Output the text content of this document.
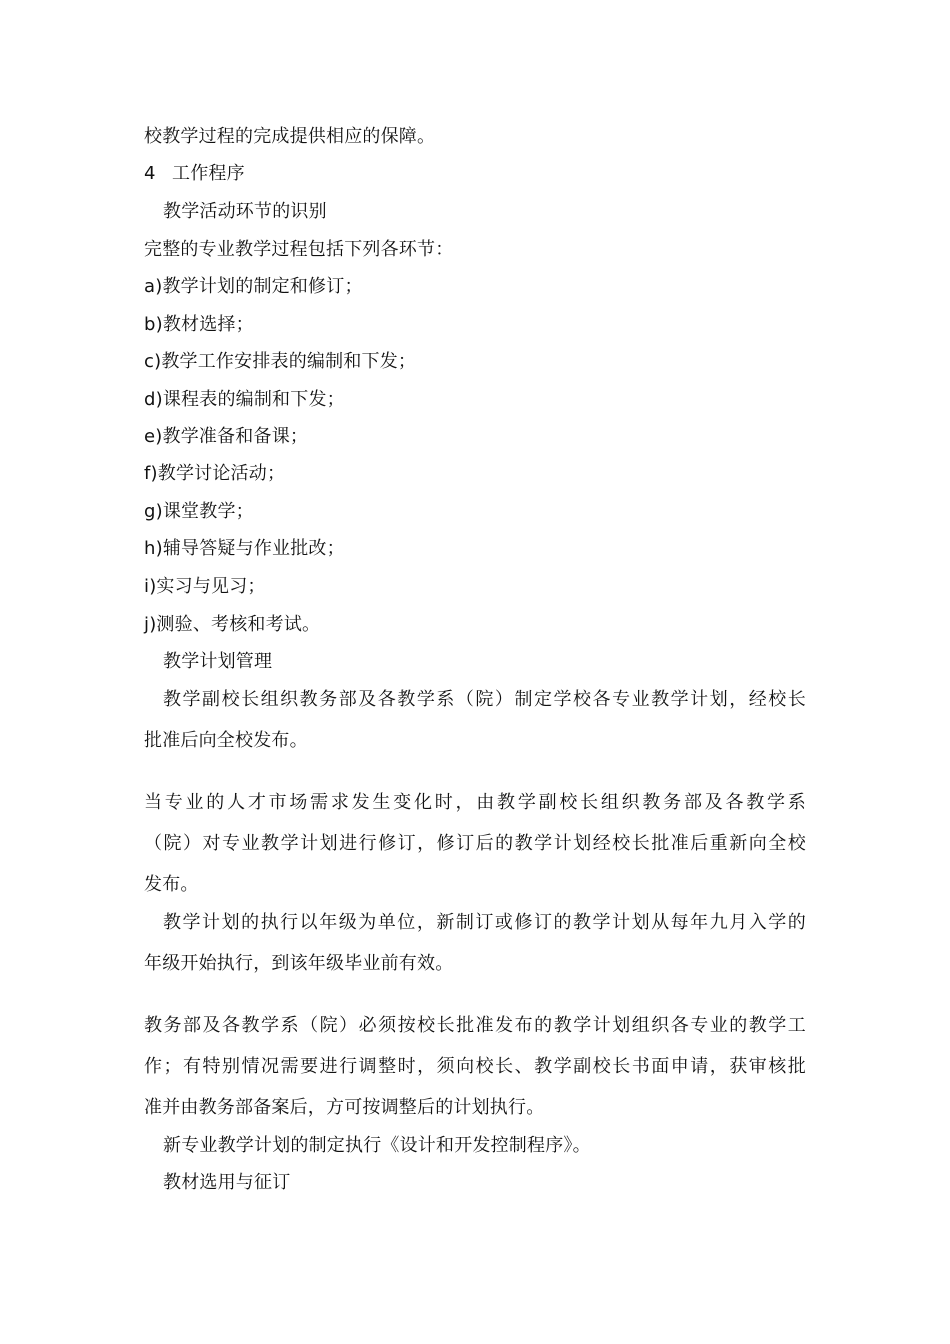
校教学过程的完成提供相应的保障。

4 工作程序

教学活动环节的识别

完整的专业教学过程包括下列各环节：

a)教学计划的制定和修订；

b)教材选择；

c)教学工作安排表的编制和下发；

d)课程表的编制和下发；

e)教学准备和备课；

f)教学讨论活动；

g)课堂教学；

h)辅导答疑与作业批改；

i)实习与见习；

j)测验、考核和考试。

教学计划管理

教学副校长组织教务部及各教学系（院）制定学校各专业教学计划，经校长

批准后向全校发布。

当专业的人才市场需求发生变化时，由教学副校长组织教务部及各教学系

（院）对专业教学计划进行修订，修订后的教学计划经校长批准后重新向全校

发布。

教学计划的执行以年级为单位，新制订或修订的教学计划从每年九月入学的

年级开始执行，到该年级毕业前有效。

教务部及各教学系（院）必须按校长批准发布的教学计划组织各专业的教学工

作；有特别情况需要进行调整时，须向校长、教学副校长书面申请，获审核批

准并由教务部备案后，方可按调整后的计划执行。

新专业教学计划的制定执行《设计和开发控制程序》。

教材选用与征订
